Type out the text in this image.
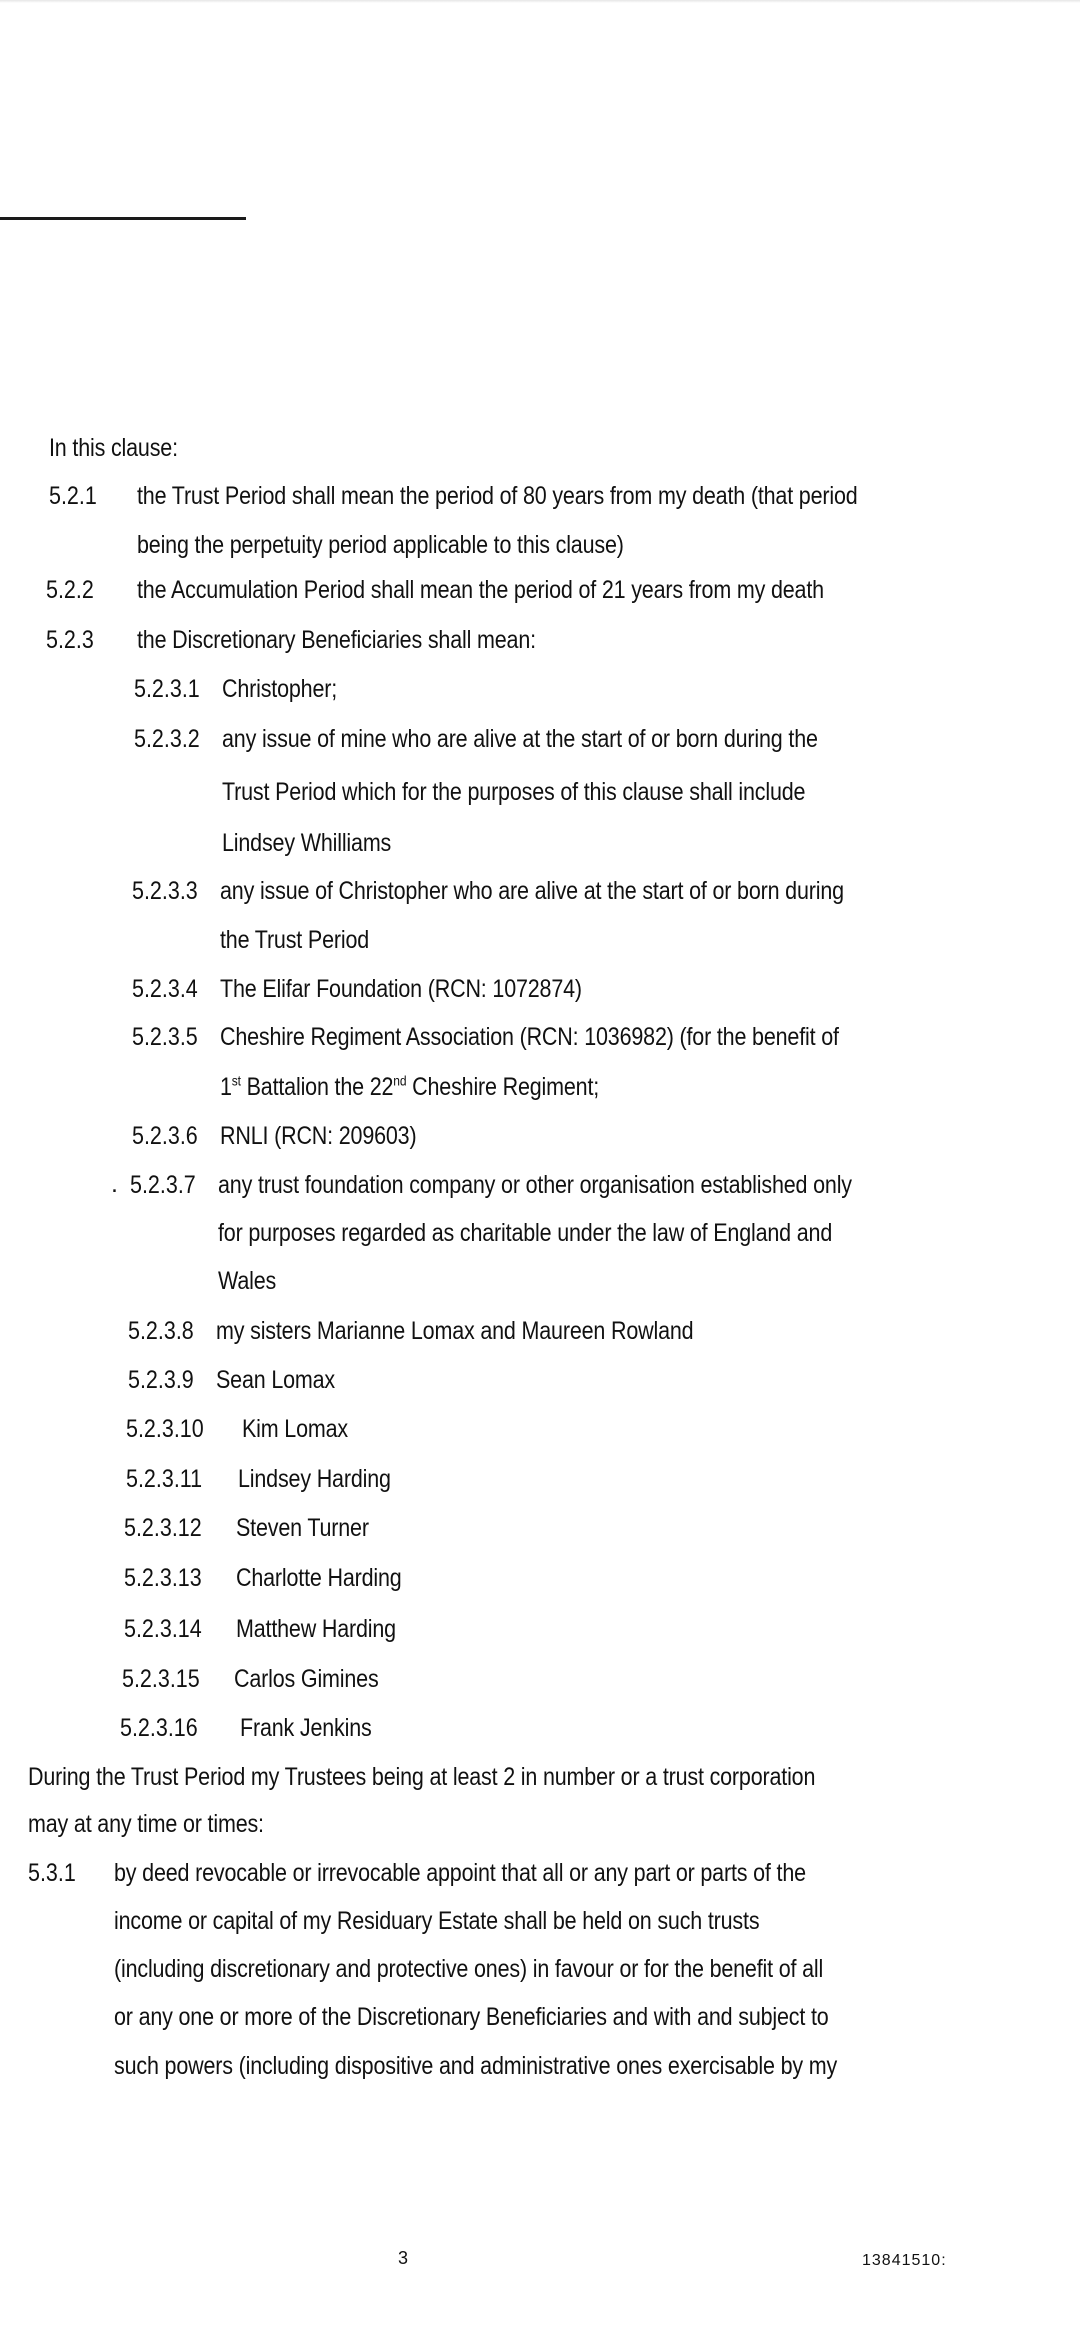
In this clause:
5.2.1 the Trust Period shall mean the period of 80 years from my death (that period
being the perpetuity period applicable to this clause)
5.2.2 the Accumulation Period shall mean the period of 21 years from my death
5.2.3 the Discretionary Beneficiaries shall mean:
5.2.3.1 Christopher;
5.2.3.2 any issue of mine who are alive at the start of or born during the
Trust Period which for the purposes of this clause shall include
Lindsey Whilliams
5.2.3.3 any issue of Christopher who are alive at the start of or born during
the Trust Period
5.2.3.4 The Elifar Foundation (RCN: 1072874)
5.2.3.5 Cheshire Regiment Association (RCN: 1036982) (for the benefit of
1st Battalion the 22nd Cheshire Regiment;
5.2.3.6 RNLI (RCN: 209603)
. 5.2.3.7 any trust foundation company or other organisation established only
for purposes regarded as charitable under the law of England and
Wales
5.2.3.8 my sisters Marianne Lomax and Maureen Rowland
5.2.3.9 Sean Lomax
5.2.3.10 Kim Lomax
5.2.3.11 Lindsey Harding
5.2.3.12 Steven Turner
5.2.3.13 Charlotte Harding
5.2.3.14 Matthew Harding
5.2.3.15 Carlos Gimines
5.2.3.16 Frank Jenkins
During the Trust Period my Trustees being at least 2 in number or a trust corporation
may at any time or times:
5.3.1 by deed revocable or irrevocable appoint that all or any part or parts of the
income or capital of my Residuary Estate shall be held on such trusts
(including discretionary and protective ones) in favour or for the benefit of all
or any one or more of the Discretionary Beneficiaries and with and subject to
such powers (including dispositive and administrative ones exercisable by my
3	13841510:
